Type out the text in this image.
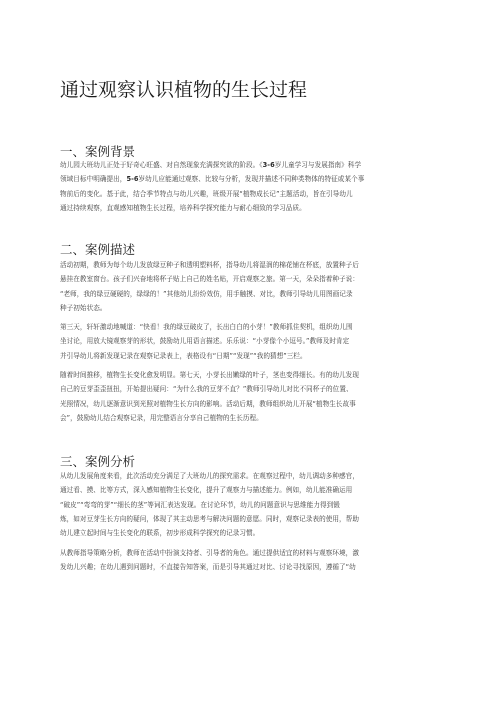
通过观察认识植物的生长过程
一、案例背景
幼儿园大班幼儿正处于好奇心旺盛、对自然现象充满探究欲的阶段。《3-6岁儿童学习与发展指南》科学
领域目标中明确提出，5-6岁幼儿应能通过观察、比较与分析，发现并描述不同种类物体的特征或某个事
物前后的变化。基于此，结合季节特点与幼儿兴趣，班级开展“植物成长记”主题活动，旨在引导幼儿
通过持续观察，直观感知植物生长过程，培养科学探究能力与耐心细致的学习品质。
二、案例描述
活动初期，教师为每个幼儿发放绿豆种子和透明塑料杯，指导幼儿将湿润的棉花铺在杯底，放置种子后
悬挂在教室窗台。孩子们兴奋地将杯子贴上自己的姓名贴，开启观察之旅。第一天，朵朵指着种子说：
“老师，我的绿豆硬硬的，绿绿的！”其他幼儿纷纷效仿，用手触摸、对比，教师引导幼儿用图画记录
种子初始状态。
第三天，轩轩激动地喊道：“快看！我的绿豆破皮了，长出白白的小芽！”教师抓住契机，组织幼儿围
坐讨论，用放大镜观察芽的形状，鼓励幼儿用语言描述。乐乐说：“小芽像个小逗号。”教师及时肯定
并引导幼儿将新发现记录在观察记录表上，表格设有“日期”“发现”“我的猜想”三栏。
随着时间推移，植物生长变化愈发明显。第七天，小芽长出嫩绿的叶子，茎也变得细长。有的幼儿发现
自己的豆芽歪歪扭扭，开始提出疑问：“为什么我的豆芽不直？”教师引导幼儿对比不同杯子的位置、
光照情况，幼儿逐渐意识到光照对植物生长方向的影响。活动后期，教师组织幼儿开展“植物生长故事
会”，鼓励幼儿结合观察记录，用完整语言分享自己植物的生长历程。
三、案例分析
从幼儿发展角度来看，此次活动充分满足了大班幼儿的探究需求。在观察过程中，幼儿调动多种感官，
通过看、摸、比等方式，深入感知植物生长变化，提升了观察力与描述能力。例如，幼儿能准确运用
“破皮”“弯弯的芽”“细长的茎”等词汇表达发现。在讨论环节，幼儿的问题意识与思维能力得到锻
炼，如对豆芽生长方向的疑问，体现了其主动思考与解决问题的意愿。同时，观察记录表的使用，帮助
幼儿建立起时间与生长变化的联系，初步形成科学探究的记录习惯。
从教师指导策略分析，教师在活动中扮演支持者、引导者的角色。通过提供适宜的材料与观察环境，激
发幼儿兴趣；在幼儿遇到问题时，不直接告知答案，而是引导其通过对比、讨论寻找原因，遵循了“幼
